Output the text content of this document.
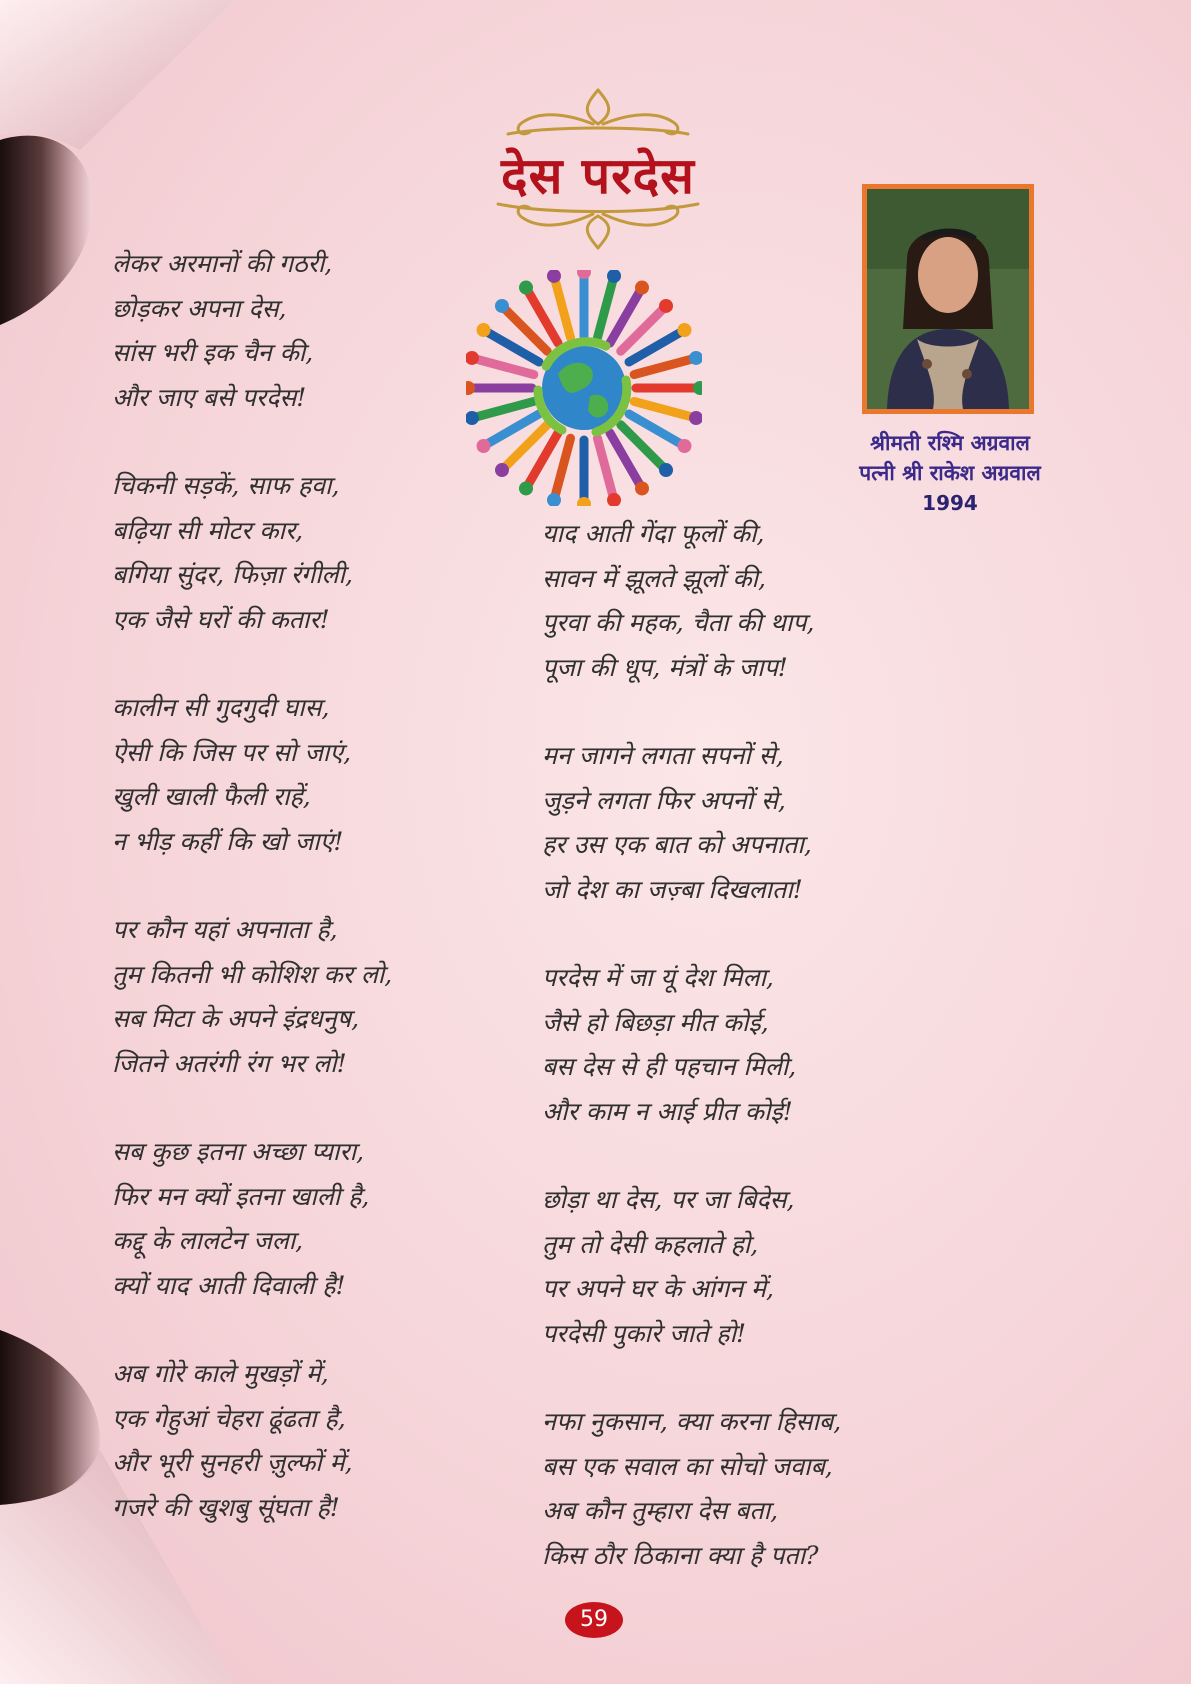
देस परदेस
श्रीमती रश्मि अग्रवाल
पत्नी श्री राकेश अग्रवाल
1994

लेकर अरमानों की गठरी,
छोड़कर अपना देस,
सांस भरी इक चैन की,
और जाए बसे परदेस!

चिकनी सड़कें, साफ हवा,
बढ़िया सी मोटर कार,
बगिया सुंदर, फिज़ा रंगीली,
एक जैसे घरों की कतार!

कालीन सी गुदगुदी घास,
ऐसी कि जिस पर सो जाएं,
खुली खाली फैली राहें,
न भीड़ कहीं कि खो जाएं!

पर कौन यहां अपनाता है,
तुम कितनी भी कोशिश कर लो,
सब मिटा के अपने इंद्रधनुष,
जितने अतरंगी रंग भर लो!

सब कुछ इतना अच्छा प्यारा,
फिर मन क्यों इतना खाली है,
कद्दू के लालटेन जला,
क्यों याद आती दिवाली है!

अब गोरे काले मुखड़ों में,
एक गेहुआं चेहरा ढूंढता है,
और भूरी सुनहरी ज़ुल्फों में,
गजरे की खुशबु सूंघता है!

याद आती गेंदा फूलों की,
सावन में झूलते झूलों की,
पुरवा की महक, चैता की थाप,
पूजा की धूप, मंत्रों के जाप!

मन जागने लगता सपनों से,
जुड़ने लगता फिर अपनों से,
हर उस एक बात को अपनाता,
जो देश का जज़्बा दिखलाता!

परदेस में जा यूं देश मिला,
जैसे हो बिछड़ा मीत कोई,
बस देस से ही पहचान मिली,
और काम न आई प्रीत कोई!

छोड़ा था देस, पर जा बिदेस,
तुम तो देसी कहलाते हो,
पर अपने घर के आंगन में,
परदेसी पुकारे जाते हो!

नफा नुकसान, क्या करना हिसाब,
बस एक सवाल का सोचो जवाब,
अब कौन तुम्हारा देस बता,
किस ठौर ठिकाना क्या है पता?

59
